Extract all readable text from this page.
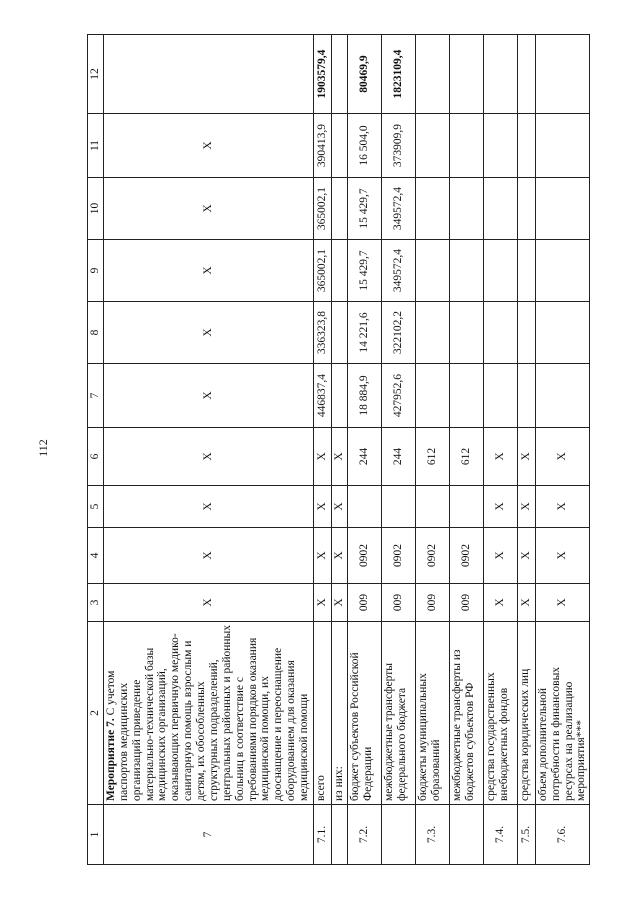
112
1	2	3	4	5	6	7	8	9	10	11	12
7	Мероприятие 7. С учетом паспортов медицинских организаций приведение материально-технической базы медицинских организаций, оказывающих первичную медико-санитарную помощь взрослым и детям, их обособленных структурных подразделений, центральных районных и районных больниц в соответствие с требованиями порядков оказания медицинской помощи, их дооснащение и переоснащение оборудованием для оказания медицинской помощи	X	X	X	X	X	X	X	X	X	
7.1.	всего	X	X	X	X	446837,4	336323,8	365002,1	365002,1	390413,9	1903579,4
	из них:	X	X	X	X						
7.2.	бюджет субъектов Российской Федерации	009	0902		244	18 884,9	14 221,6	15 429,7	15 429,7	16 504,0	80469,9
	межбюджетные трансферты федерального бюджета	009	0902		244	427952,6	322102,2	349572,4	349572,4	373909,9	1823109,4
7.3.	бюджеты муниципальных образований	009	0902		612						
	межбюджетные трансферты из бюджетов субъектов РФ	009	0902		612						
7.4.	средства государственных внебюджетных фондов	X	X	X	X						
7.5.	средства юридических лиц	X	X	X	X						
7.6.	объем дополнительной потребности в финансовых ресурсах на реализацию мероприятия***	X	X	X	X						
